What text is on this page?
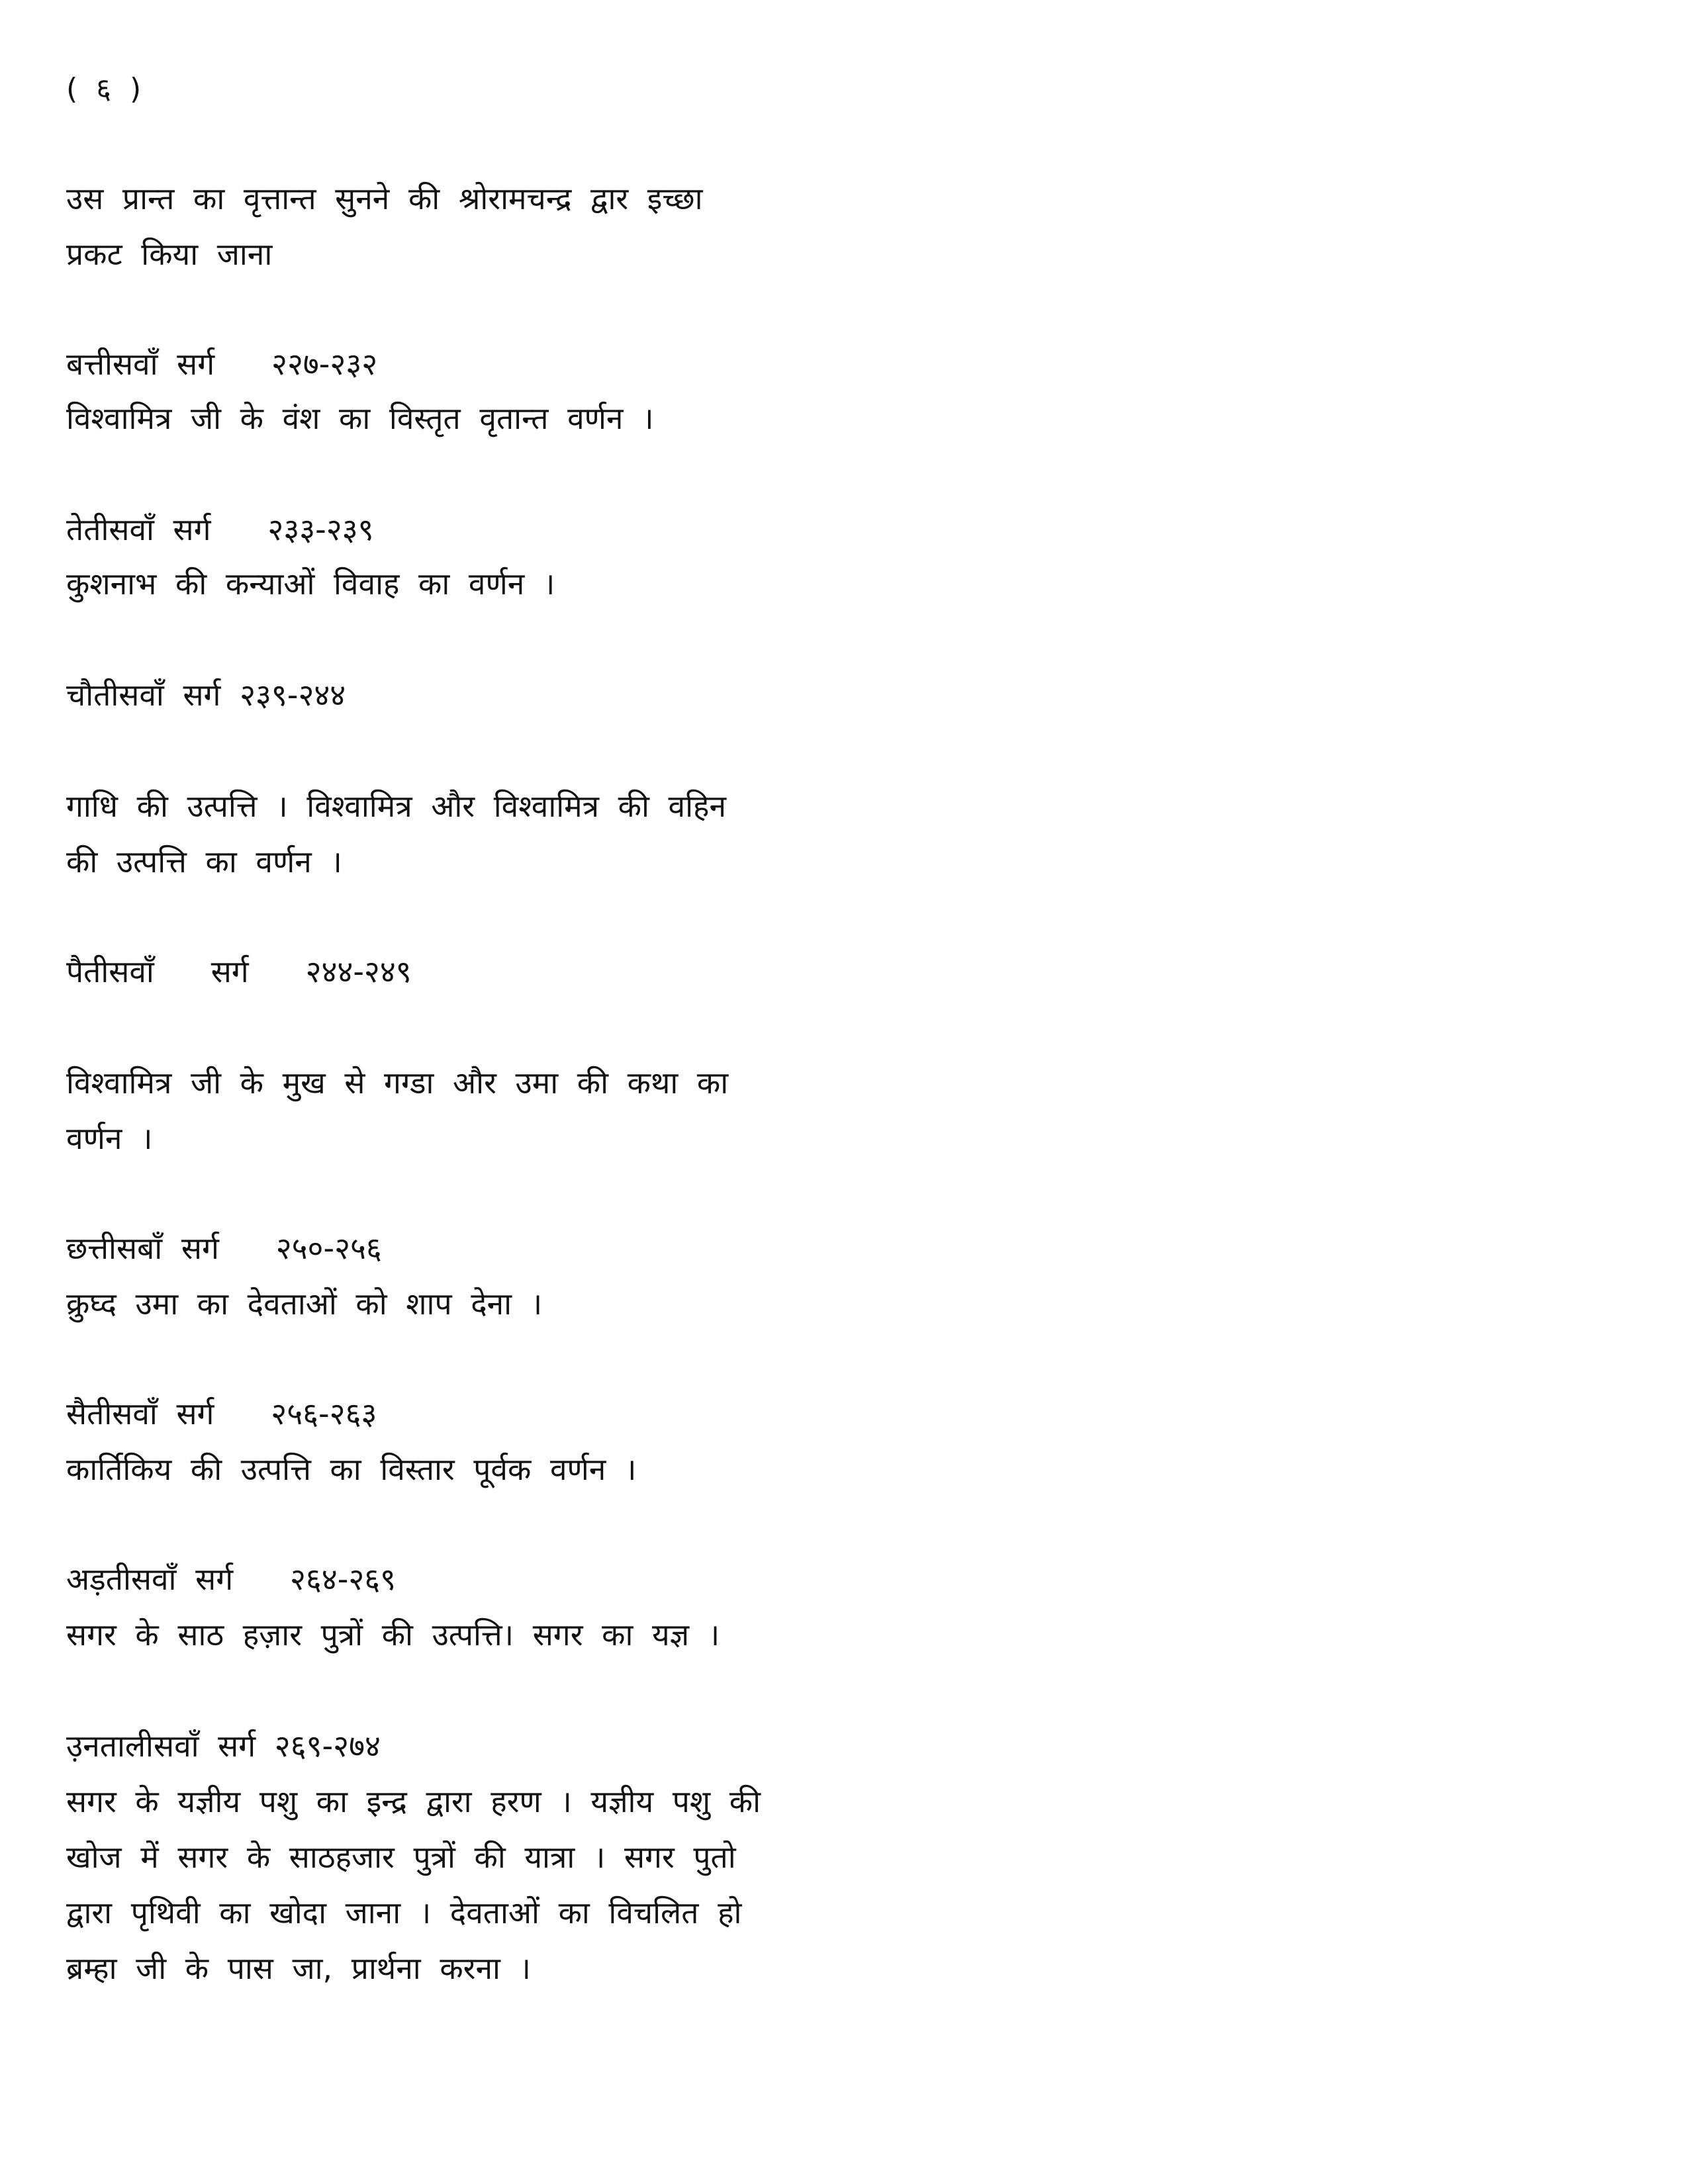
(  ६  )
उस प्रान्त का वृत्तान्त सुनने की श्रोरामचन्द्र द्वार इच्छा
प्रकट किया जाना
बत्तीसवाँ सर्ग   २२७-२३२
विश्वामित्र जी के वंश का विस्तृत वृतान्त वर्णन ।
तेतीसवाँ सर्ग   २३३-२३९
कुशनाभ की कन्याओं विवाह का वर्णन ।
चौतीसवाँ सर्ग २३९-२४४
गाधि की उत्पत्ति । विश्वामित्र और विश्वामित्र की वहिन
की उत्पत्ति का वर्णन ।
पैतीसवाँ   सर्ग   २४४-२४९
विश्वामित्र जी के मुख से गग्डा और उमा की कथा का
वर्णन ।
छत्तीसबाँ सर्ग   २५०-२५६
क्रुघ्द उमा का देवताओं को शाप देना ।
सैतीसवाँ सर्ग   २५६-२६३
कार्तिकिय की उत्पत्ति का विस्तार पूर्वक वर्णन ।
अड़तीसवाँ सर्ग   २६४-२६९
सगर के साठ हज़ार पुत्रों की उत्पत्ति। सगर का यज्ञ ।
उ़नतालीसवाँ सर्ग २६९-२७४
सगर के यज्ञीय पशु का इन्द्र द्वारा हरण । यज्ञीय पशु की
खोज में सगर के साठहजार पुत्रों की यात्रा । सगर पुतो
द्वारा पृथिवी का खोदा जाना । देवताओं का विचलित हो
ब्रम्हा जी के पास जा, प्रार्थना करना ।
